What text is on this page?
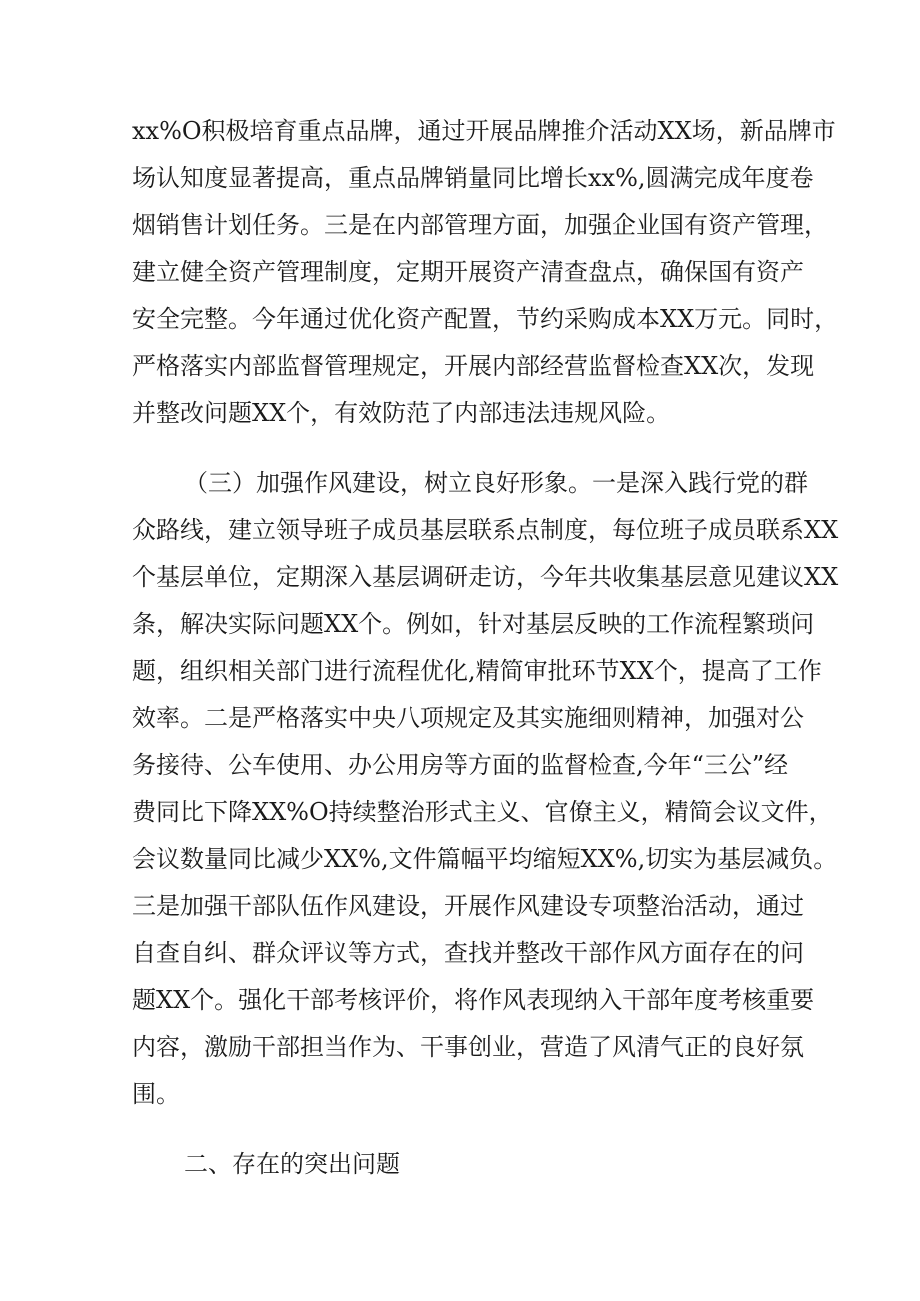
xx%O积极培育重点品牌，通过开展品牌推介活动XX场，新品牌市
场认知度显著提高，重点品牌销量同比增长xx%,圆满完成年度卷
烟销售计划任务。三是在内部管理方面，加强企业国有资产管理，
建立健全资产管理制度，定期开展资产清查盘点，确保国有资产
安全完整。今年通过优化资产配置，节约采购成本XX万元。同时，
严格落实内部监督管理规定，开展内部经营监督检查XX次，发现
并整改问题XX个，有效防范了内部违法违规风险。
（三）加强作风建设，树立良好形象。一是深入践行党的群
众路线，建立领导班子成员基层联系点制度，每位班子成员联系XX
个基层单位，定期深入基层调研走访，今年共收集基层意见建议XX
条，解决实际问题XX个。例如，针对基层反映的工作流程繁琐问
题，组织相关部门进行流程优化,精简审批环节XX个，提高了工作
效率。二是严格落实中央八项规定及其实施细则精神，加强对公
务接待、公车使用、办公用房等方面的监督检查,今年“三公”经
费同比下降XX%O持续整治形式主义、官僚主义，精简会议文件，
会议数量同比减少XX%,文件篇幅平均缩短XX%,切实为基层减负。
三是加强干部队伍作风建设，开展作风建设专项整治活动，通过
自查自纠、群众评议等方式，查找并整改干部作风方面存在的问
题XX个。强化干部考核评价，将作风表现纳入干部年度考核重要
内容，激励干部担当作为、干事创业，营造了风清气正的良好氛
围。
二、存在的突出问题
